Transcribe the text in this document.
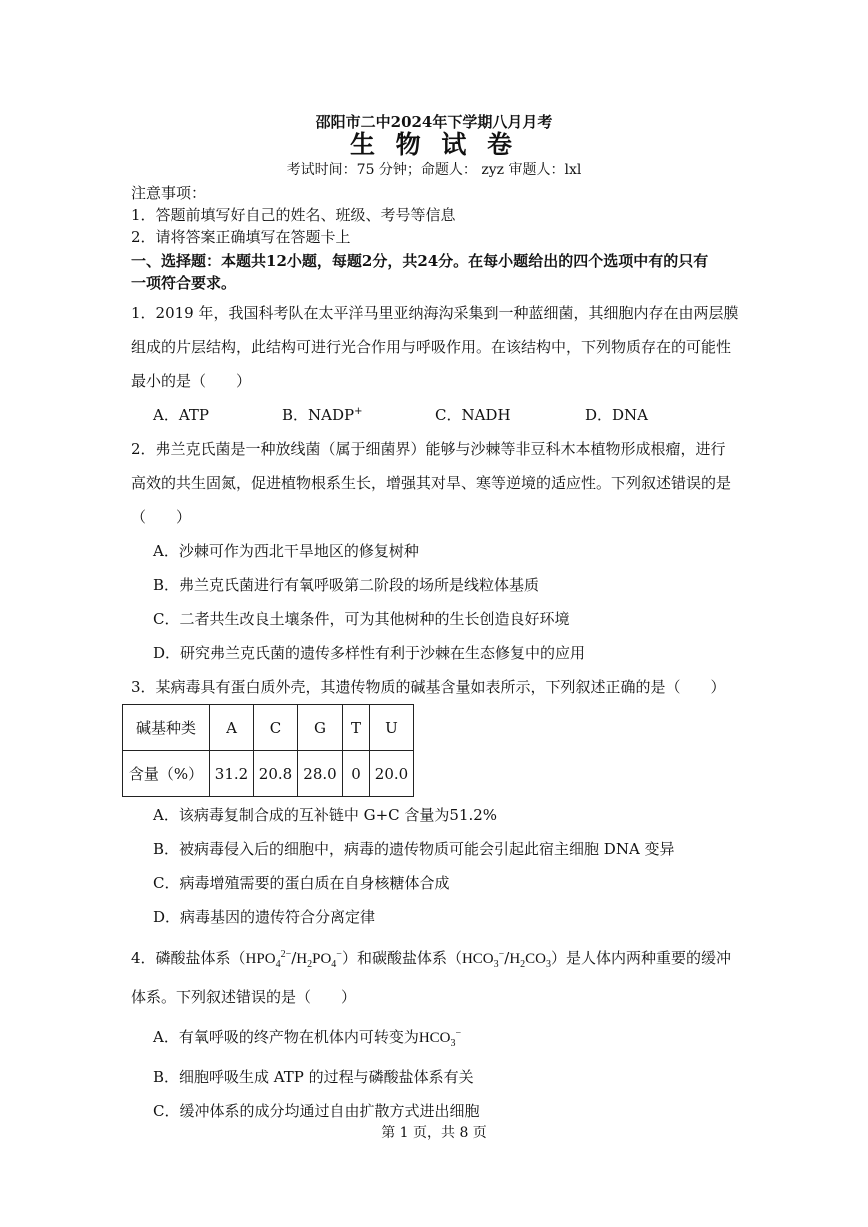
邵阳市二中2024年下学期八月月考
生 物 试 卷
考试时间：75 分钟；命题人： zyz 审题人：lxl
注意事项：
1．答题前填写好自己的姓名、班级、考号等信息
2．请将答案正确填写在答题卡上
一、选择题：本题共12小题，每题2分，共24分。在每小题给出的四个选项中有的只有
一项符合要求。
1．2019 年，我国科考队在太平洋马里亚纳海沟采集到一种蓝细菌，其细胞内存在由两层膜
组成的片层结构，此结构可进行光合作用与呼吸作用。在该结构中，下列物质存在的可能性
最小的是（　　）
A．ATP	B．NADP+	C．NADH	D．DNA
2．弗兰克氏菌是一种放线菌（属于细菌界）能够与沙棘等非豆科木本植物形成根瘤，进行
高效的共生固氮，促进植物根系生长，增强其对旱、寒等逆境的适应性。下列叙述错误的是
（　　）
A．沙棘可作为西北干旱地区的修复树种
B．弗兰克氏菌进行有氧呼吸第二阶段的场所是线粒体基质
C．二者共生改良土壤条件，可为其他树种的生长创造良好环境
D．研究弗兰克氏菌的遗传多样性有利于沙棘在生态修复中的应用
3．某病毒具有蛋白质外壳，其遗传物质的碱基含量如表所示，下列叙述正确的是（　　）
碱基种类	A	C	G	T	U
含量（%）	31.2	20.8	28.0	0	20.0
A．该病毒复制合成的互补链中 G+C 含量为51.2%
B．被病毒侵入后的细胞中，病毒的遗传物质可能会引起此宿主细胞 DNA 变异
C．病毒增殖需要的蛋白质在自身核糖体合成
D．病毒基因的遗传符合分离定律
4．磷酸盐体系$(HPO_4^{2-}/H_2PO_4^-)$和碳酸盐体系$(HCO_3^-/H_2CO_3)$是人体内两种重要的缓冲
体系。下列叙述错误的是（　　）
A．有氧呼吸的终产物在机体内可转变为$HCO_3^-$
B．细胞呼吸生成 ATP 的过程与磷酸盐体系有关
C．缓冲体系的成分均通过自由扩散方式进出细胞
第 1 页，共 8 页
